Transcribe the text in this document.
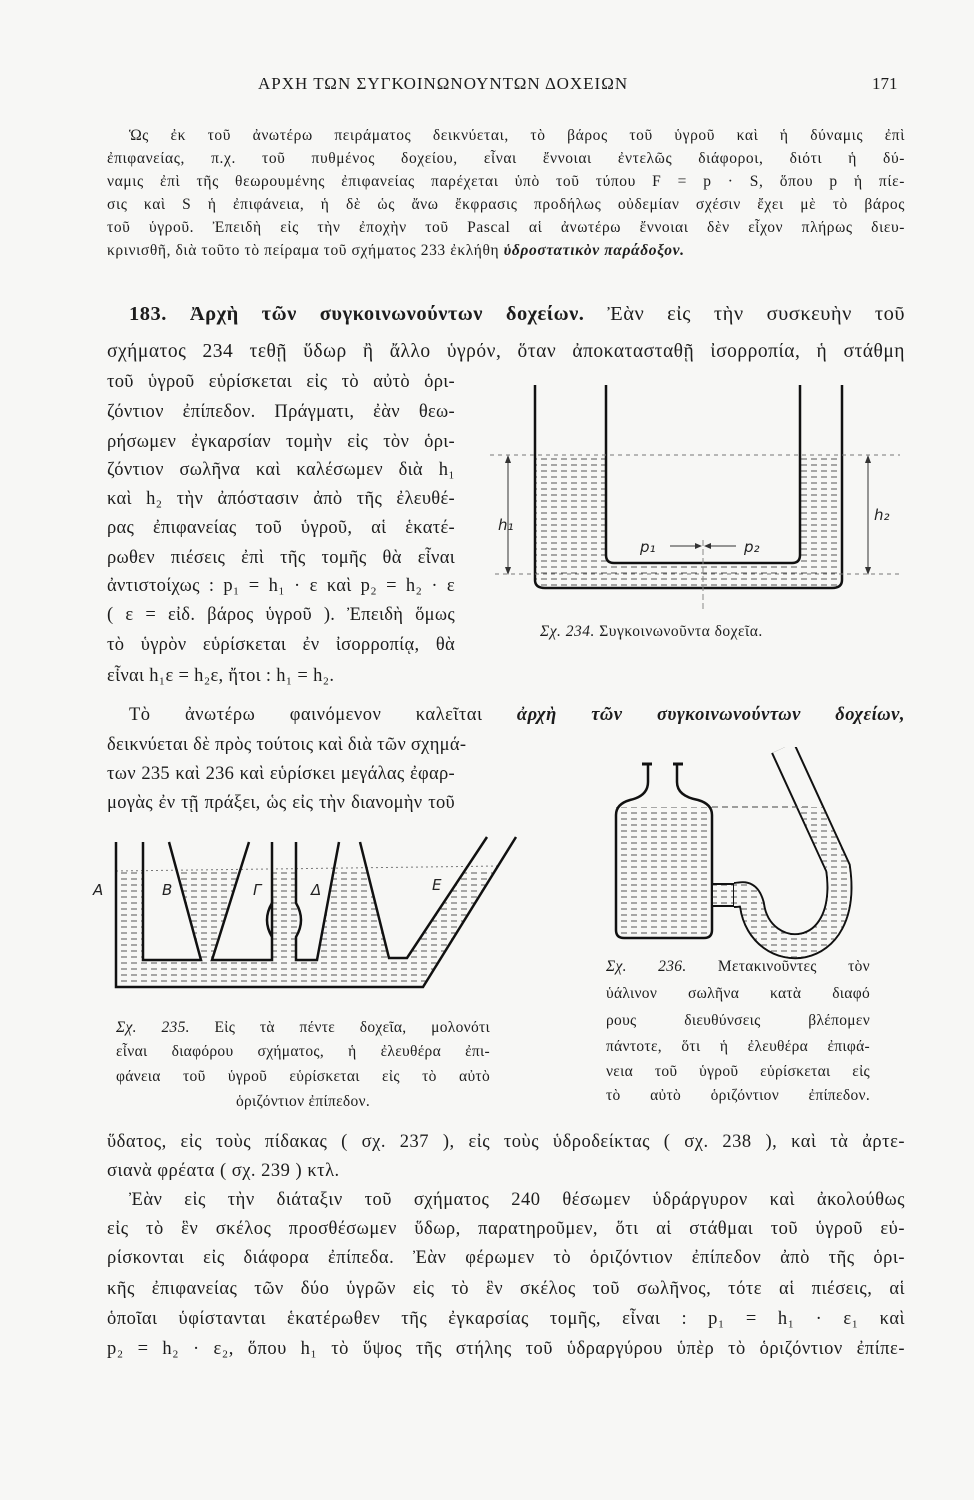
ΑΡΧΗ ΤΩΝ ΣΥΓΚΟΙΝΩΝΟΥΝΤΩΝ ΔΟΧΕΙΩΝ	171
h₁
h₂
p₁	p₂
A	B	Γ	Δ	E
Ὡς ἐκ τοῦ ἀνωτέρω πειράματος δεικνύεται, τὸ βάρος τοῦ ὑγροῦ καὶ ἡ δύναμις ἐπὶ
ἐπιφανείας, π.χ. τοῦ πυθμένος δοχείου, εἶναι ἔννοιαι ἐντελῶς διάφοροι, διότι ἡ δύ-
ναμις ἐπὶ τῆς θεωρουμένης ἐπιφανείας παρέχεται ὑπὸ τοῦ τύπου F = p · S, ὅπου p ἡ πίε-
σις καὶ S ἡ ἐπιφάνεια, ἡ δὲ ὡς ἄνω ἔκφρασις προδήλως οὐδεμίαν σχέσιν ἔχει μὲ τὸ βάρος
τοῦ ὑγροῦ. Ἐπειδὴ εἰς τὴν ἐποχὴν τοῦ Pascal αἱ ἀνωτέρω ἔννοιαι δὲν εἶχον πλήρως διευ-
κρινισθῆ, διὰ τοῦτο τὸ πείραμα τοῦ σχήματος 233 ἐκλήθη ὑδροστατικὸν παράδοξον.
183. Ἀρχὴ τῶν συγκοινωνούντων δοχείων. Ἐὰν εἰς τὴν συσκευὴν τοῦ
σχήματος 234 τεθῇ ὕδωρ ἢ ἄλλο ὑγρόν, ὅταν ἀποκατασταθῇ ἰσορροπία, ἡ στάθμη
τοῦ ὑγροῦ εὑρίσκεται εἰς τὸ αὐτὸ ὁρι-
ζόντιον ἐπίπεδον. Πράγματι, ἐὰν θεω-
ρήσωμεν ἐγκαρσίαν τομὴν εἰς τὸν ὁρι-
ζόντιον σωλῆνα καὶ καλέσωμεν διὰ h₁
καὶ h₂ τὴν ἀπόστασιν ἀπὸ τῆς ἐλευθέ-
ρας ἐπιφανείας τοῦ ὑγροῦ, αἱ ἑκατέ-
ρωθεν πιέσεις ἐπὶ τῆς τομῆς θὰ εἶναι
ἀντιστοίχως : p₁ = h₁ · ε καὶ p₂ = h₂ · ε
( ε = εἰδ. βάρος ὑγροῦ ). Ἐπειδὴ ὅμως
τὸ ὑγρὸν εὑρίσκεται ἐν ἰσορροπίᾳ, θὰ
εἶναι h₁ε = h₂ε, ἤτοι : h₁ = h₂.
Τὸ ἀνωτέρω φαινόμενον καλεῖται ἀρχὴ τῶν συγκοινωνούντων δοχείων,
δεικνύεται δὲ πρὸς τούτοις καὶ διὰ τῶν σχημά-
των 235 καὶ 236 καὶ εὑρίσκει μεγάλας ἐφαρ-
μογὰς ἐν τῇ πράξει, ὡς εἰς τὴν διανομὴν τοῦ
Σχ. 234. Συγκοινωνοῦντα δοχεῖα.
Σχ. 235. Εἰς τὰ πέντε δοχεῖα, μολονότι
εἶναι διαφόρου σχήματος, ἡ ἐλευθέρα ἐπι-
φάνεια τοῦ ὑγροῦ εὑρίσκεται εἰς τὸ αὐτὸ
ὁριζόντιον ἐπίπεδον.
Σχ. 236. Μετακινοῦντες τὸν
ὑάλινον σωλῆνα κατὰ διαφό
ρους διευθύνσεις βλέπομεν
πάντοτε, ὅτι ἡ ἐλευθέρα ἐπιφά-
νεια τοῦ ὑγροῦ εὑρίσκεται εἰς
τὸ αὐτὸ ὁριζόντιον ἐπίπεδον.
ὕδατος, εἰς τοὺς πίδακας ( σχ. 237 ), εἰς τοὺς ὑδροδείκτας ( σχ. 238 ), καὶ τὰ ἀρτε-
σιανὰ φρέατα ( σχ. 239 ) κτλ.
Ἐὰν εἰς τὴν διάταξιν τοῦ σχήματος 240 θέσωμεν ὑδράργυρον καὶ ἀκολούθως
εἰς τὸ ἓν σκέλος προσθέσωμεν ὕδωρ, παρατηροῦμεν, ὅτι αἱ στάθμαι τοῦ ὑγροῦ εὑ-
ρίσκονται εἰς διάφορα ἐπίπεδα. Ἐὰν φέρωμεν τὸ ὁριζόντιον ἐπίπεδον ἀπὸ τῆς ὁρι-
κῆς ἐπιφανείας τῶν δύο ὑγρῶν εἰς τὸ ἓν σκέλος τοῦ σωλῆνος, τότε αἱ πιέσεις, αἱ
ὁποῖαι ὑφίστανται ἑκατέρωθεν τῆς ἐγκαρσίας τομῆς, εἶναι : p₁ = h₁ · ε₁ καὶ
p₂ = h₂ · ε₂, ὅπου h₁ τὸ ὕψος τῆς στήλης τοῦ ὑδραργύρου ὑπὲρ τὸ ὁριζόντιον ἐπίπε-
